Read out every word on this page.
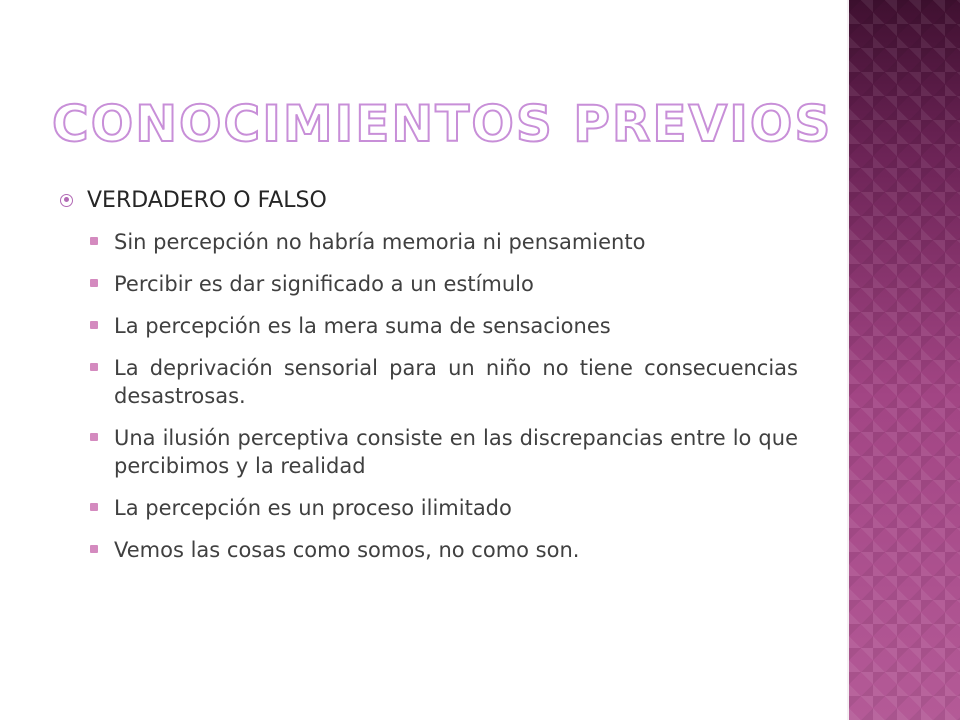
CONOCIMIENTOS PREVIOS
VERDADERO O FALSO
Sin percepción no habría memoria ni pensamiento
Percibir es dar significado a un estímulo
La percepción es la mera suma de sensaciones
La deprivación sensorial para un niño no tiene consecuencias desastrosas.
Una ilusión perceptiva consiste en las discrepancias entre lo que percibimos y la realidad
La percepción es un proceso ilimitado
Vemos las cosas como somos, no como son.
